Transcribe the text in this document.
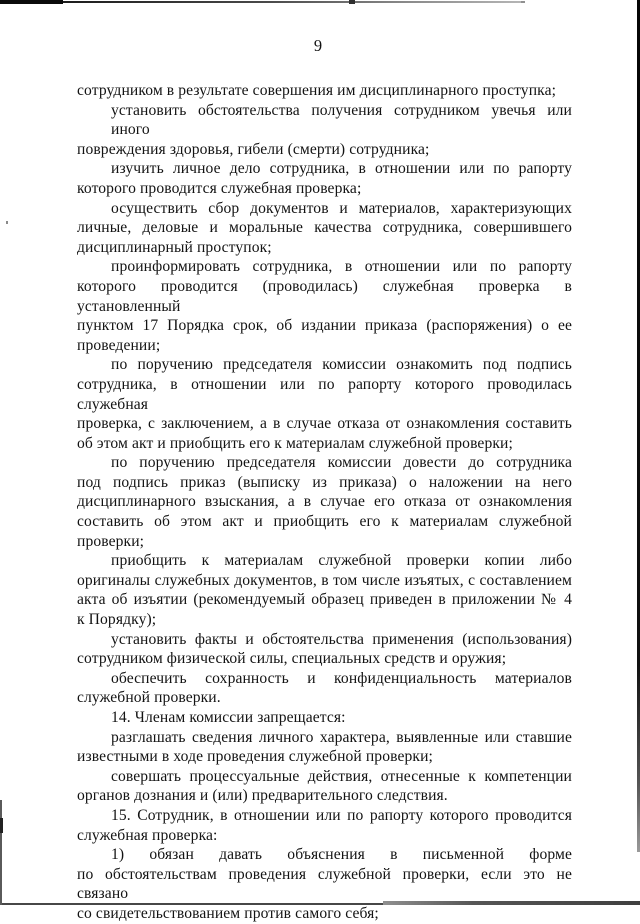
9
сотрудником в результате совершения им дисциплинарного проступка;
установить обстоятельства получения сотрудником увечья или иного
повреждения здоровья, гибели (смерти) сотрудника;
изучить личное дело сотрудника, в отношении или по рапорту
которого проводится служебная проверка;
осуществить сбор документов и материалов, характеризующих
личные, деловые и моральные качества сотрудника, совершившего
дисциплинарный проступок;
проинформировать сотрудника, в отношении или по рапорту
которого проводится (проводилась) служебная проверка в установленный
пунктом 17 Порядка срок, об издании приказа (распоряжения) о ее
проведении;
по поручению председателя комиссии ознакомить под подпись
сотрудника, в отношении или по рапорту которого проводилась служебная
проверка, с заключением, а в случае отказа от ознакомления составить
об этом акт и приобщить его к материалам служебной проверки;
по поручению председателя комиссии довести до сотрудника
под подпись приказ (выписку из приказа) о наложении на него
дисциплинарного взыскания, а в случае его отказа от ознакомления
составить об этом акт и приобщить его к материалам служебной проверки;
приобщить к материалам служебной проверки копии либо
оригиналы служебных документов, в том числе изъятых, с составлением
акта об изъятии (рекомендуемый образец приведен в приложении № 4
к Порядку);
установить факты и обстоятельства применения (использования)
сотрудником физической силы, специальных средств и оружия;
обеспечить сохранность и конфиденциальность материалов
служебной проверки.
14. Членам комиссии запрещается:
разглашать сведения личного характера, выявленные или ставшие
известными в ходе проведения служебной проверки;
совершать процессуальные действия, отнесенные к компетенции
органов дознания и (или) предварительного следствия.
15. Сотрудник, в отношении или по рапорту которого проводится
служебная проверка:
1) обязан давать объяснения в письменной форме
по обстоятельствам проведения служебной проверки, если это не связано
со свидетельствованием против самого себя;
